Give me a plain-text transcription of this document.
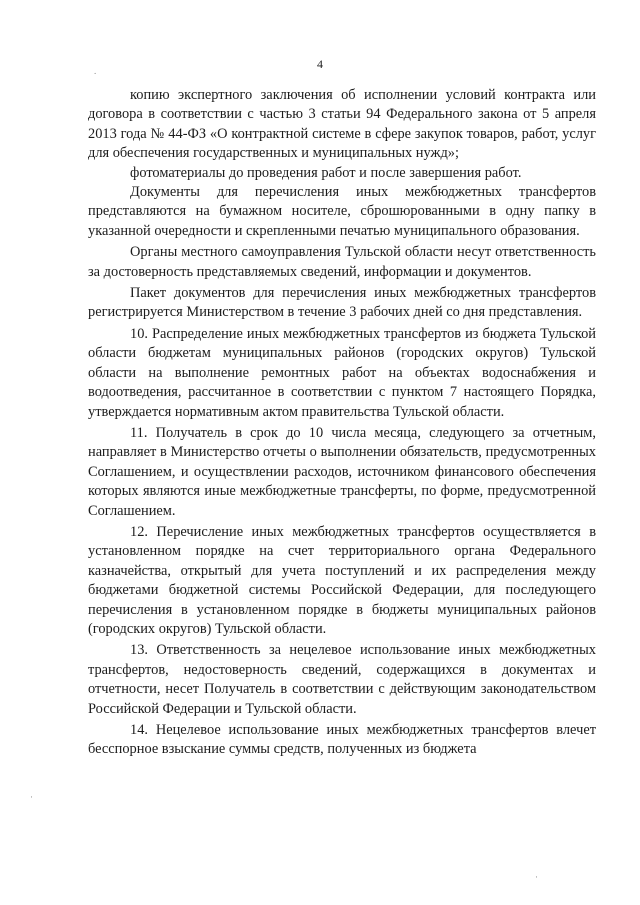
4

копию экспертного заключения об исполнении условий контракта или договора в соответствии с частью 3 статьи 94 Федерального закона от 5 апреля 2013 года № 44-ФЗ «О контрактной системе в сфере закупок товаров, работ, услуг для обеспечения государственных и муниципальных нужд»;

фотоматериалы до проведения работ и после завершения работ.

Документы для перечисления иных межбюджетных трансфертов представляются на бумажном носителе, сброшюрованными в одну папку в указанной очередности и скрепленными печатью муниципального образования.

Органы местного самоуправления Тульской области несут ответственность за достоверность представляемых сведений, информации и документов.

Пакет документов для перечисления иных межбюджетных трансфертов регистрируется Министерством в течение 3 рабочих дней со дня представления.

10. Распределение иных межбюджетных трансфертов из бюджета Тульской области бюджетам муниципальных районов (городских округов) Тульской области на выполнение ремонтных работ на объектах водоснабжения и водоотведения, рассчитанное в соответствии с пунктом 7 настоящего Порядка, утверждается нормативным актом правительства Тульской области.

11. Получатель в срок до 10 числа месяца, следующего за отчетным, направляет в Министерство отчеты о выполнении обязательств, предусмотренных Соглашением, и осуществлении расходов, источником финансового обеспечения которых являются иные межбюджетные трансферты, по форме, предусмотренной Соглашением.

12. Перечисление иных межбюджетных трансфертов осуществляется в установленном порядке на счет территориального органа Федерального казначейства, открытый для учета поступлений и их распределения между бюджетами бюджетной системы Российской Федерации, для последующего перечисления в установленном порядке в бюджеты муниципальных районов (городских округов) Тульской области.

13. Ответственность за нецелевое использование иных межбюджетных трансфертов, недостоверность сведений, содержащихся в документах и отчетности, несет Получатель в соответствии с действующим законодательством Российской Федерации и Тульской области.

14. Нецелевое использование иных межбюджетных трансфертов влечет бесспорное взыскание суммы средств, полученных из бюджета

.
·
·
